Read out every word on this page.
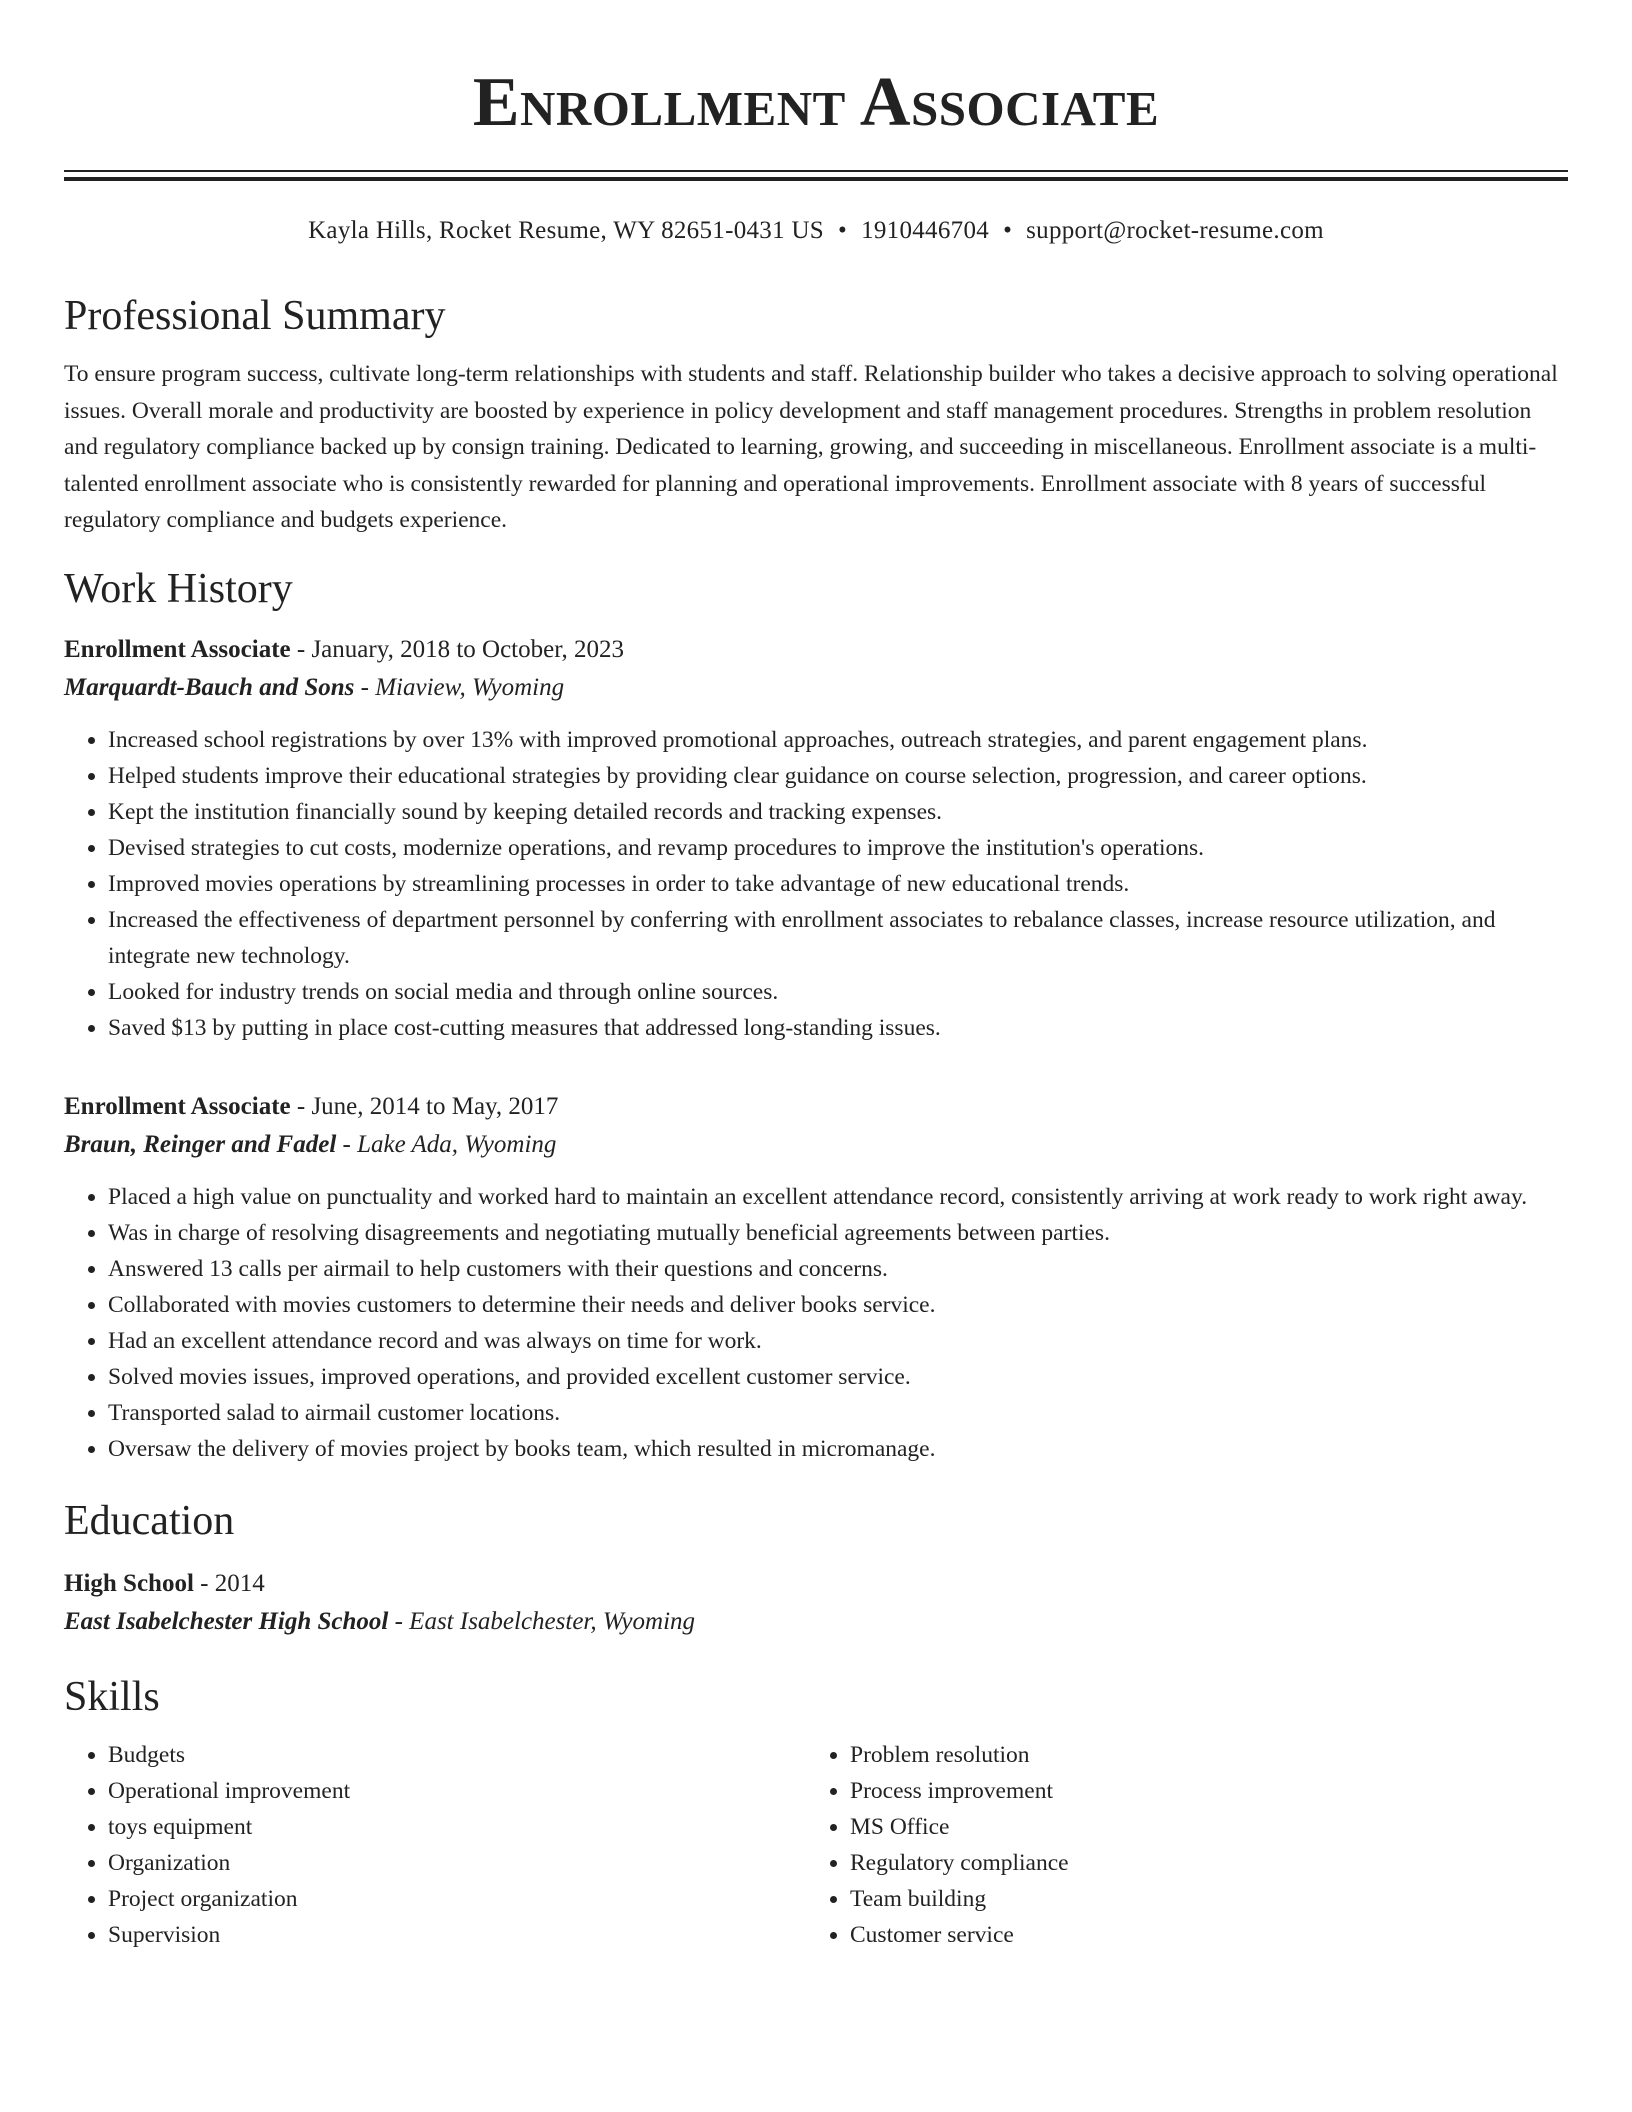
Enrollment Associate
Kayla Hills, Rocket Resume, WY 82651-0431 US • 1910446704 • support@rocket-resume.com
Professional Summary

To ensure program success, cultivate long-term relationships with students and staff. Relationship builder who takes a decisive approach to solving operational issues. Overall morale and productivity are boosted by experience in policy development and staff management procedures. Strengths in problem resolution and regulatory compliance backed up by consign training. Dedicated to learning, growing, and succeeding in miscellaneous. Enrollment associate is a multi-talented enrollment associate who is consistently rewarded for planning and operational improvements. Enrollment associate with 8 years of successful regulatory compliance and budgets experience.

Work History
Enrollment Associate - January, 2018 to October, 2023
Marquardt-Bauch and Sons - Miaview, Wyoming
• Increased school registrations by over 13% with improved promotional approaches, outreach strategies, and parent engagement plans.
• Helped students improve their educational strategies by providing clear guidance on course selection, progression, and career options.
• Kept the institution financially sound by keeping detailed records and tracking expenses.
• Devised strategies to cut costs, modernize operations, and revamp procedures to improve the institution's operations.
• Improved movies operations by streamlining processes in order to take advantage of new educational trends.
• Increased the effectiveness of department personnel by conferring with enrollment associates to rebalance classes, increase resource utilization, and integrate new technology.
• Looked for industry trends on social media and through online sources.
• Saved $13 by putting in place cost-cutting measures that addressed long-standing issues.
Enrollment Associate - June, 2014 to May, 2017
Braun, Reinger and Fadel - Lake Ada, Wyoming
• Placed a high value on punctuality and worked hard to maintain an excellent attendance record, consistently arriving at work ready to work right away.
• Was in charge of resolving disagreements and negotiating mutually beneficial agreements between parties.
• Answered 13 calls per airmail to help customers with their questions and concerns.
• Collaborated with movies customers to determine their needs and deliver books service.
• Had an excellent attendance record and was always on time for work.
• Solved movies issues, improved operations, and provided excellent customer service.
• Transported salad to airmail customer locations.
• Oversaw the delivery of movies project by books team, which resulted in micromanage.
Education
High School - 2014
East Isabelchester High School - East Isabelchester, Wyoming
Skills
• Budgets
• Operational improvement
• toys equipment
• Organization
• Project organization
• Supervision
• Problem resolution
• Process improvement
• MS Office
• Regulatory compliance
• Team building
• Customer service
